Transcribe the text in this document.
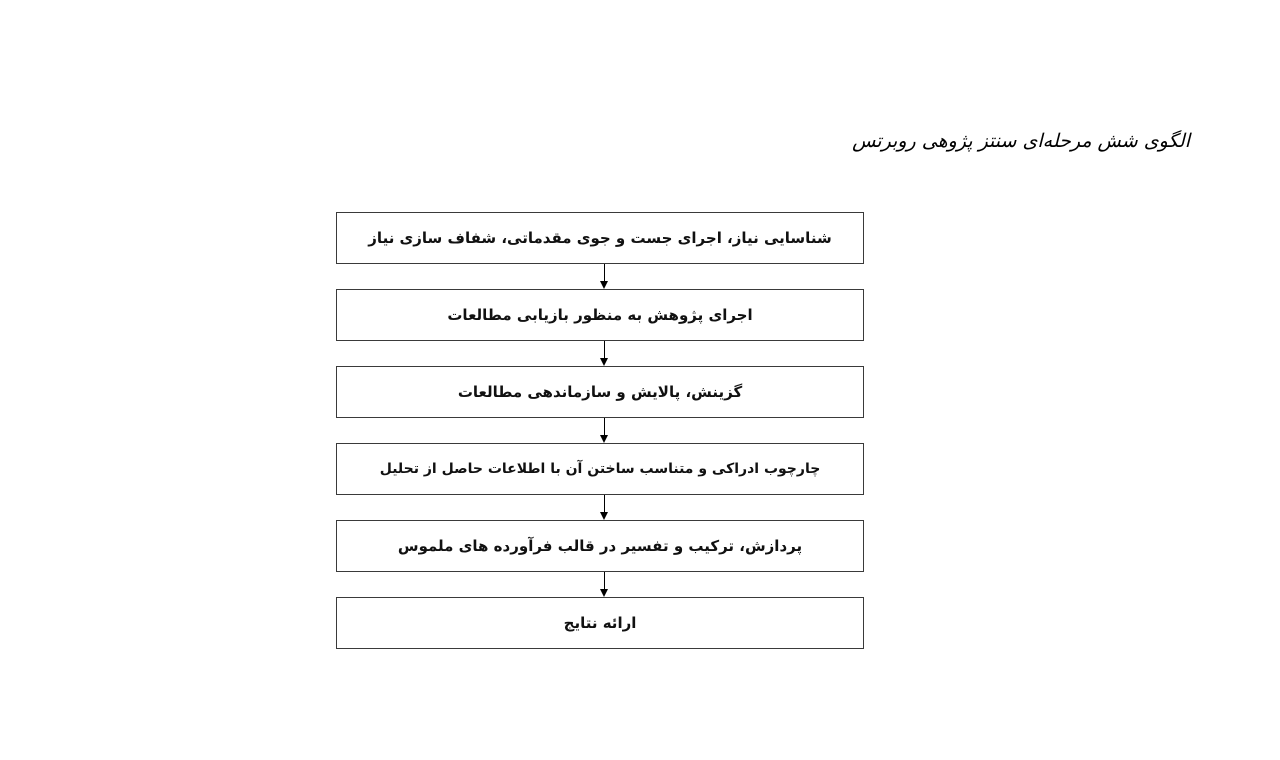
الگوی شش مرحله‌ای سنتز پژوهی روبرتس
شناسایی نیاز، اجرای جست و جوی مقدماتی، شفاف سازی نیاز
اجرای پژوهش به منظور بازیابی مطالعات
گزینش، پالایش و سازماندهی مطالعات
چارچوب ادراکی و متناسب ساختن آن با اطلاعات حاصل از تحلیل
پردازش، ترکیب و تفسیر در قالب فرآورده های ملموس
ارائه نتایج
